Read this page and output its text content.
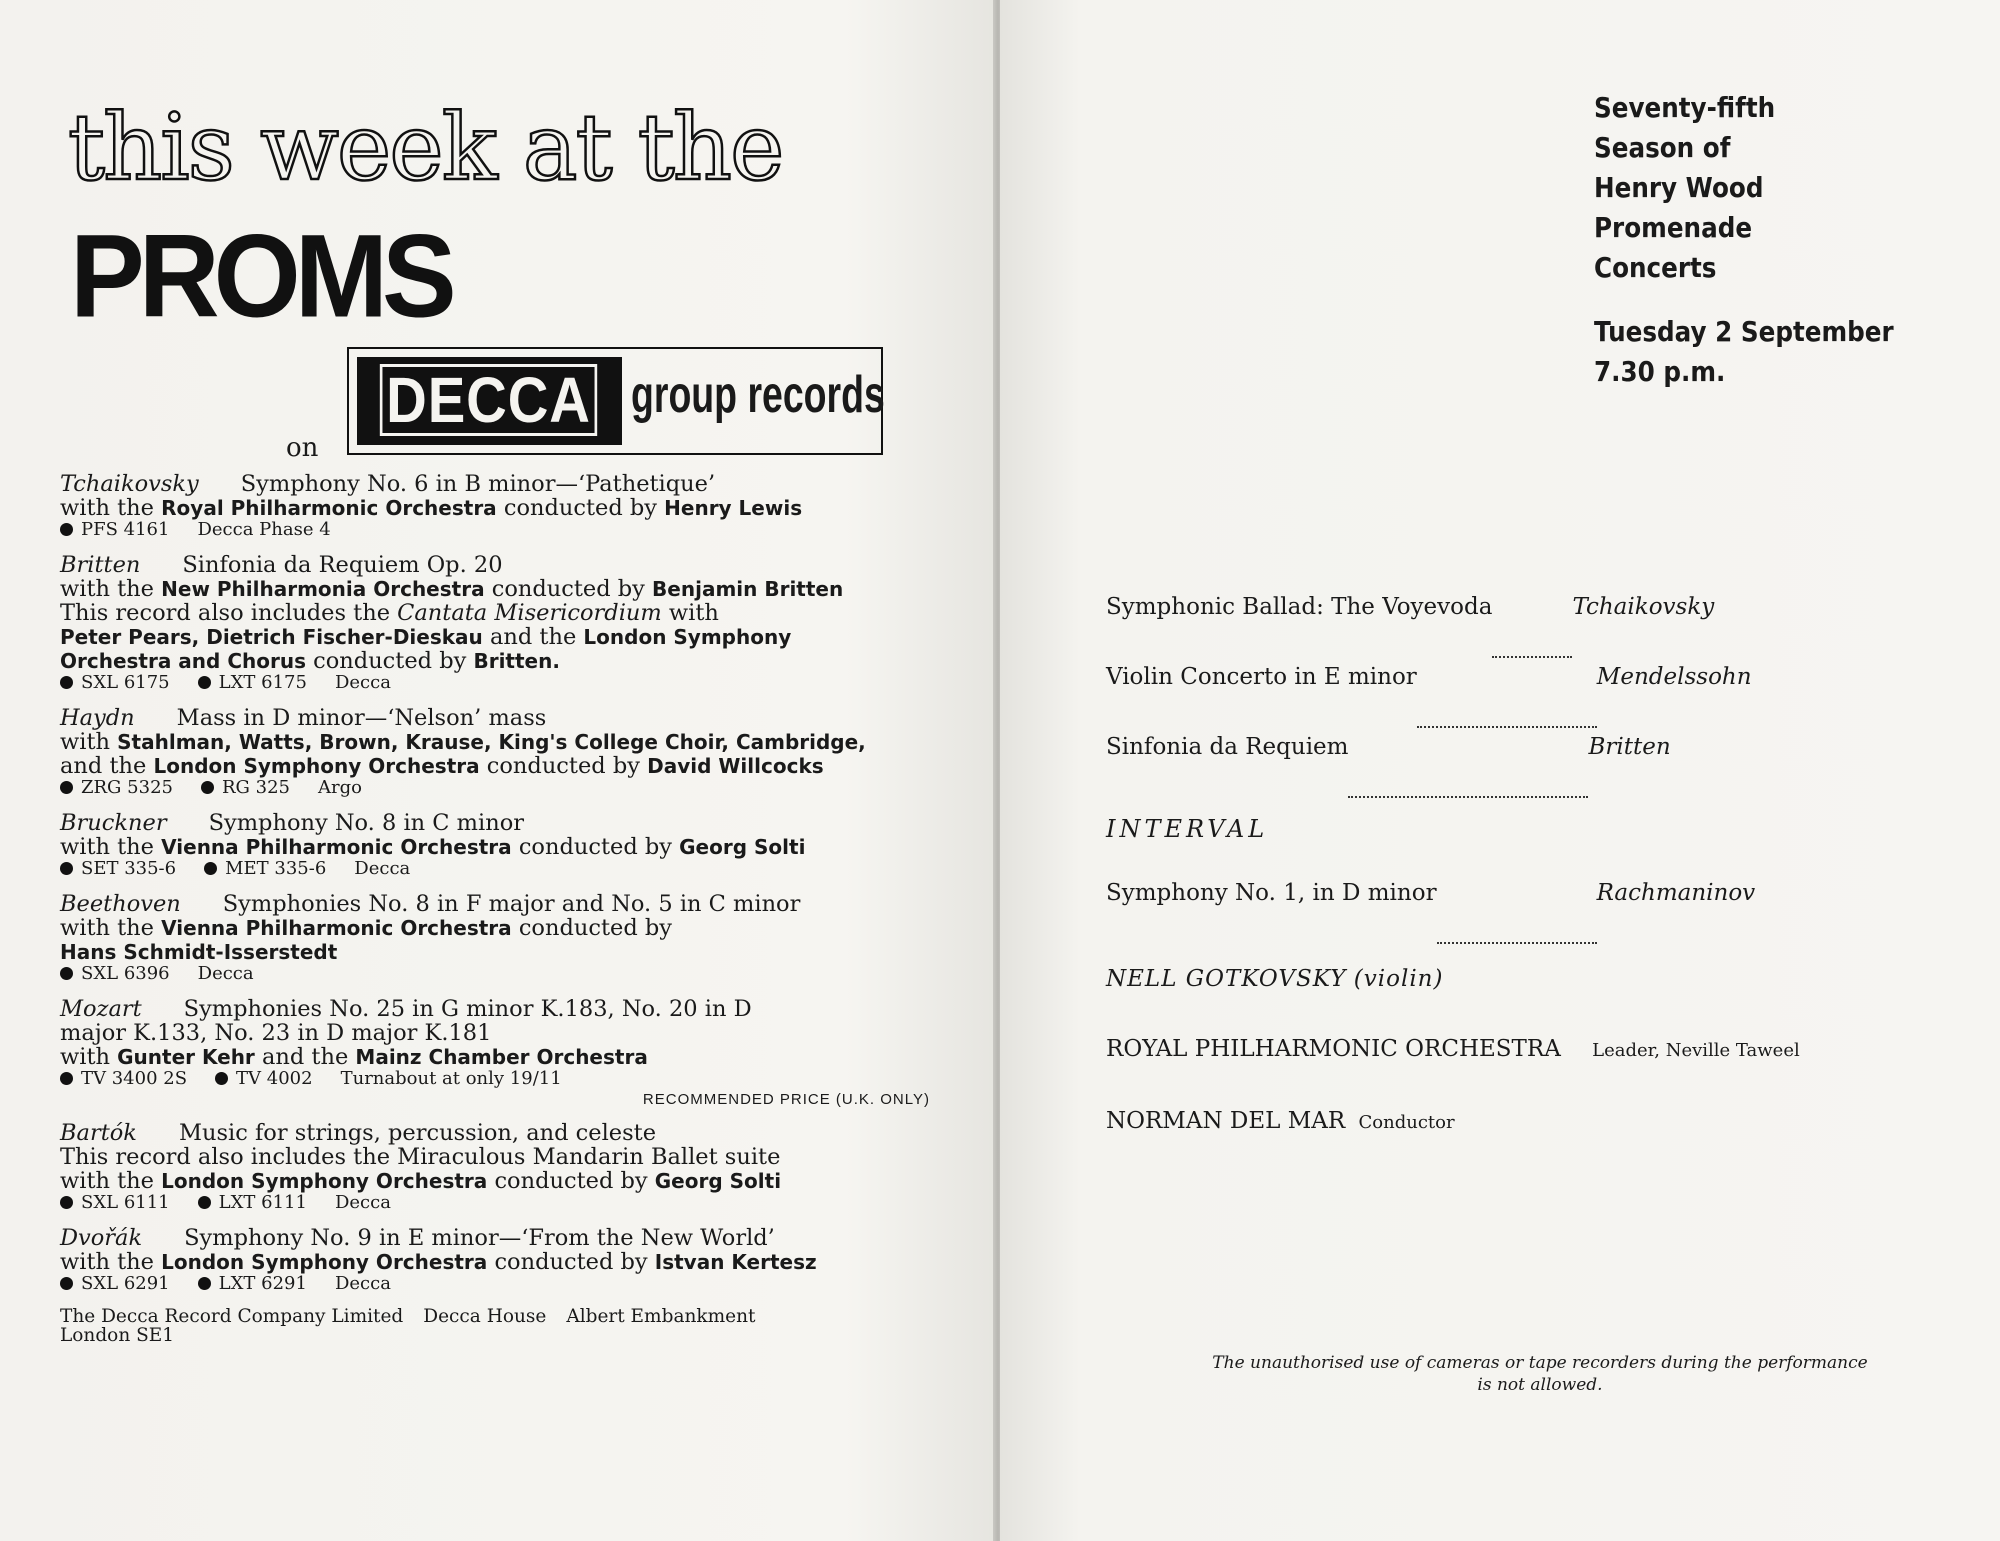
this week at the
PROMS
on
DECCA group records
Tchaikovsky Symphony No. 6 in B minor—‘Pathetique’
with the Royal Philharmonic Orchestra conducted by Henry Lewis
PFS 4161 Decca Phase 4
Britten Sinfonia da Requiem Op. 20
with the New Philharmonia Orchestra conducted by Benjamin Britten
This record also includes the Cantata Misericordium with
Peter Pears, Dietrich Fischer-Dieskau and the London Symphony
Orchestra and Chorus conducted by Britten.
SXL 6175	LXT 6175 Decca
Haydn Mass in D minor—‘Nelson’ mass
with Stahlman, Watts, Brown, Krause, King's College Choir, Cambridge,
and the London Symphony Orchestra conducted by David Willcocks
ZRG 5325	RG 325 Argo
Bruckner Symphony No. 8 in C minor
with the Vienna Philharmonic Orchestra conducted by Georg Solti
SET 335-6	MET 335-6 Decca
Beethoven Symphonies No. 8 in F major and No. 5 in C minor
with the Vienna Philharmonic Orchestra conducted by
Hans Schmidt-Isserstedt
SXL 6396 Decca
Mozart Symphonies No. 25 in G minor K.183, No. 20 in D
major K.133, No. 23 in D major K.181
with Gunter Kehr and the Mainz Chamber Orchestra
TV 3400 2S	TV 4002 Turnabout at only 19/11
RECOMMENDED PRICE (U.K. ONLY)
Bartók Music for strings, percussion, and celeste
This record also includes the Miraculous Mandarin Ballet suite
with the London Symphony Orchestra conducted by Georg Solti
SXL 6111	LXT 6111 Decca
Dvořák Symphony No. 9 in E minor—‘From the New World’
with the London Symphony Orchestra conducted by Istvan Kertesz
SXL 6291	LXT 6291 Decca
The Decca Record Company Limited Decca House Albert Embankment
London SE1
Seventy-fifth
Season of
Henry Wood
Promenade
Concerts
Tuesday 2 September
7.30 p.m.
Symphonic Ballad: The Voyevoda	Tchaikovsky
Violin Concerto in E minor	Mendelssohn
Sinfonia da Requiem	Britten
INTERVAL
Symphony No. 1, in D minor	Rachmaninov
NELL GOTKOVSKY (violin)
ROYAL PHILHARMONIC ORCHESTRA Leader, Neville Taweel
NORMAN DEL MAR Conductor
The unauthorised use of cameras or tape recorders during the performance
is not allowed.
